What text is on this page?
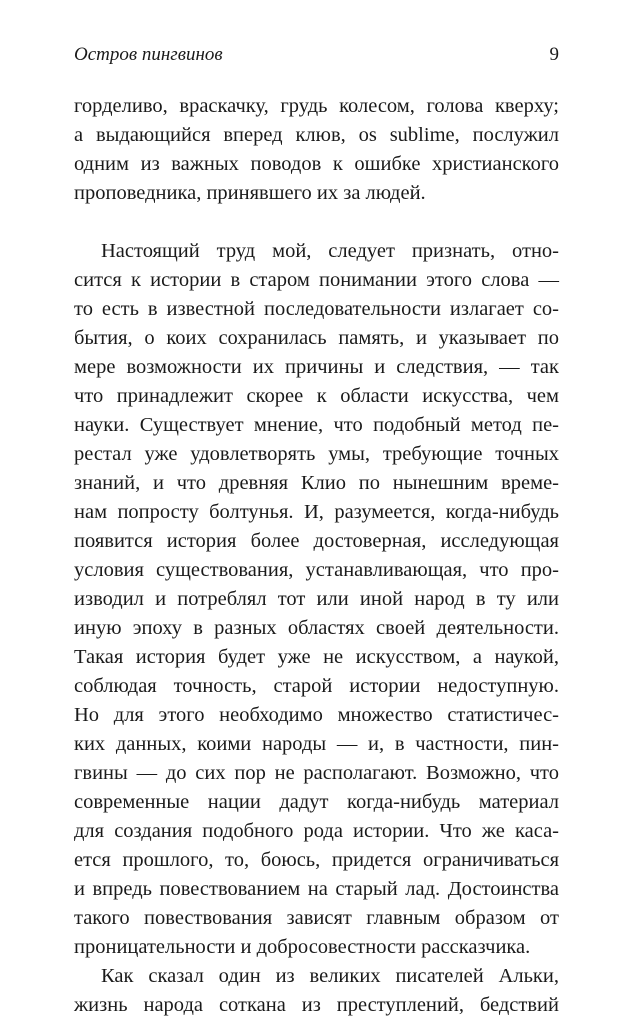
Остров пингвинов	9
горделиво, враскачку, грудь колесом, голова кверху;
а выдающийся вперед клюв, os sublime, послужил
одним из важных поводов к ошибке христианского
проповедника, принявшего их за людей.
Настоящий труд мой, следует признать, отно-
сится к истории в старом понимании этого слова —
то есть в известной последовательности излагает со-
бытия, о коих сохранилась память, и указывает по
мере возможности их причины и следствия, — так
что принадлежит скорее к области искусства, чем
науки. Существует мнение, что подобный метод пе-
рестал уже удовлетворять умы, требующие точных
знаний, и что древняя Клио по нынешним време-
нам попросту болтунья. И, разумеется, когда-нибудь
появится история более достоверная, исследующая
условия существования, устанавливающая, что про-
изводил и потреблял тот или иной народ в ту или
иную эпоху в разных областях своей деятельности.
Такая история будет уже не искусством, а наукой,
соблюдая точность, старой истории недоступную.
Но для этого необходимо множество статистичес-
ких данных, коими народы — и, в частности, пин-
гвины — до сих пор не располагают. Возможно, что
современные нации дадут когда-нибудь материал
для создания подобного рода истории. Что же каса-
ется прошлого, то, боюсь, придется ограничиваться
и впредь повествованием на старый лад. Достоинства
такого повествования зависят главным образом от
проницательности и добросовестности рассказчика.
Как сказал один из великих писателей Альки,
жизнь народа соткана из преступлений, бедствий
